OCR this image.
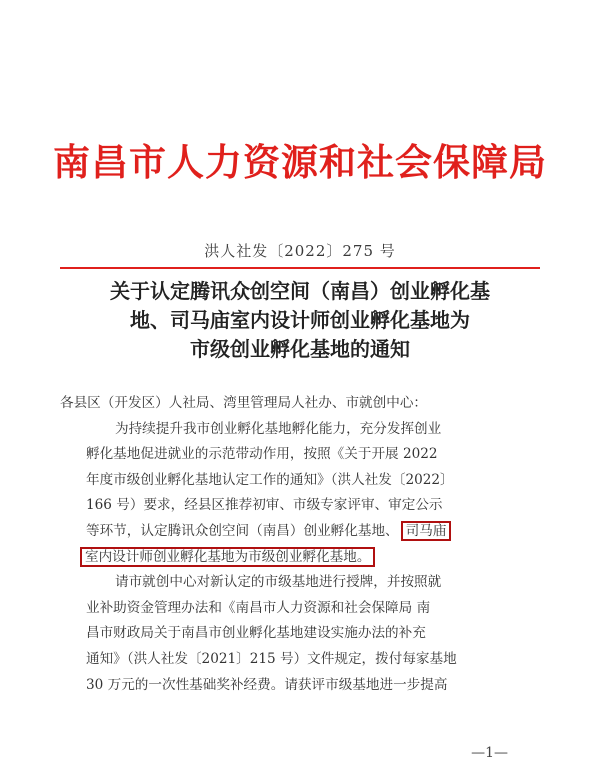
南昌市人力资源和社会保障局
洪人社发〔2022〕275 号
关于认定腾讯众创空间（南昌）创业孵化基
地、司马庙室内设计师创业孵化基地为
市级创业孵化基地的通知
各县区（开发区）人社局、湾里管理局人社办、市就创中心：
为持续提升我市创业孵化基地孵化能力，充分发挥创业
孵化基地促进就业的示范带动作用，按照《关于开展 2022
年度市级创业孵化基地认定工作的通知》（洪人社发〔2022〕
166 号）要求，经县区推荐初审、市级专家评审、审定公示
等环节，认定腾讯众创空间（南昌）创业孵化基地、 司马庙
室内设计师创业孵化基地为市级创业孵化基地。
请市就创中心对新认定的市级基地进行授牌，并按照就
业补助资金管理办法和《南昌市人力资源和社会保障局 南
昌市财政局关于南昌市创业孵化基地建设实施办法的补充
通知》（洪人社发〔2021〕215 号）文件规定，拨付每家基地
30 万元的一次性基础奖补经费。请获评市级基地进一步提高
—1—
